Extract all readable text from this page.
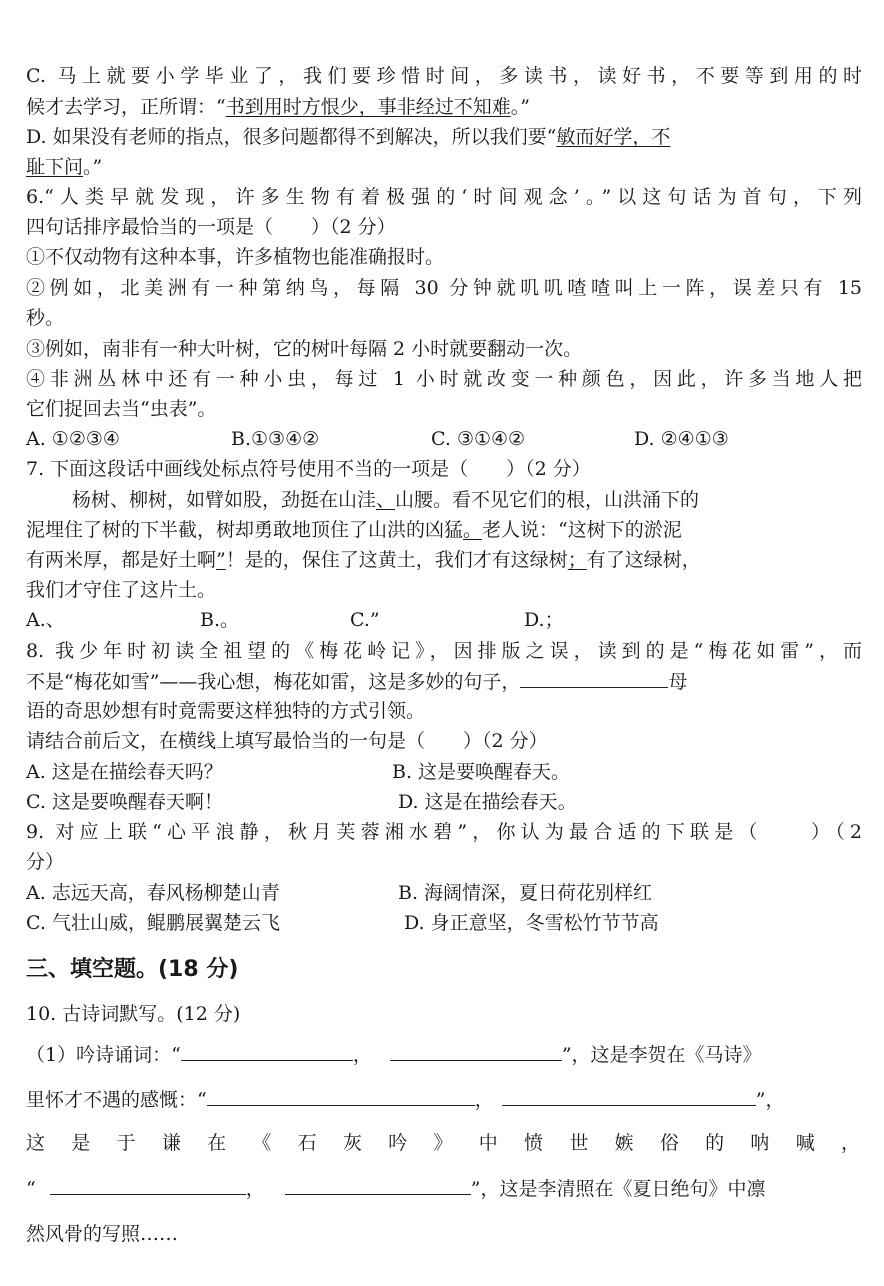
C. 马上就要小学毕业了，我们要珍惜时间，多读书，读好书，不要等到用的时
候才去学习，正所谓：“书到用时方恨少，事非经过不知难。”
D. 如果没有老师的指点，很多问题都得不到解决，所以我们要“敏而好学，不
耻下问。”
6.“人类早就发现，许多生物有着极强的‘时间观念’。”以这句话为首句，下列
四句话排序最恰当的一项是（　　）（2 分）
①不仅动物有这种本事，许多植物也能准确报时。
②例如，北美洲有一种第纳鸟，每隔 30 分钟就叽叽喳喳叫上一阵，误差只有 15
秒。
③例如，南非有一种大叶树，它的树叶每隔 2 小时就要翻动一次。
④非洲丛林中还有一种小虫，每过 1 小时就改变一种颜色，因此，许多当地人把
它们捉回去当“虫表”。
A. ①②③④	B.①③④②	C. ③①④②	D. ②④①③
7. 下面这段话中画线处标点符号使用不当的一项是（　　）（2 分）
杨树、柳树，如臂如股，劲挺在山洼、山腰。看不见它们的根，山洪涌下的
泥埋住了树的下半截，树却勇敢地顶住了山洪的凶猛。老人说：“这树下的淤泥
有两米厚，都是好土啊”！是的，保住了这黄土，我们才有这绿树；有了这绿树，
我们才守住了这片土。
A.、	B.。	C.”	D.；
8. 我少年时初读全祖望的《梅花岭记》，因排版之误，读到的是“梅花如雷”，而
不是“梅花如雪”——我心想，梅花如雷，这是多妙的句子，	母
语的奇思妙想有时竟需要这样独特的方式引领。
请结合前后文，在横线上填写最恰当的一句是（　　）（2 分）
A. 这是在描绘春天吗？	B. 这是要唤醒春天。
C. 这是要唤醒春天啊！	D. 这是在描绘春天。
9. 对应上联“心平浪静，秋月芙蓉湘水碧”，你认为最合适的下联是（　　）（2
分）
A. 志远天高，春风杨柳楚山青	B. 海阔情深，夏日荷花别样红
C. 气壮山威，鲲鹏展翼楚云飞	D. 身正意坚，冬雪松竹节节高
三、填空题。(18 分)
10. 古诗词默写。(12 分)
（1）吟诗诵词：“	，	”，这是李贺在《马诗》
里怀才不遇的感慨：“	，	”，
这是于谦在《石灰吟》中愤世嫉俗的呐喊，
“	，	”，这是李清照在《夏日绝句》中凛
然风骨的写照……
